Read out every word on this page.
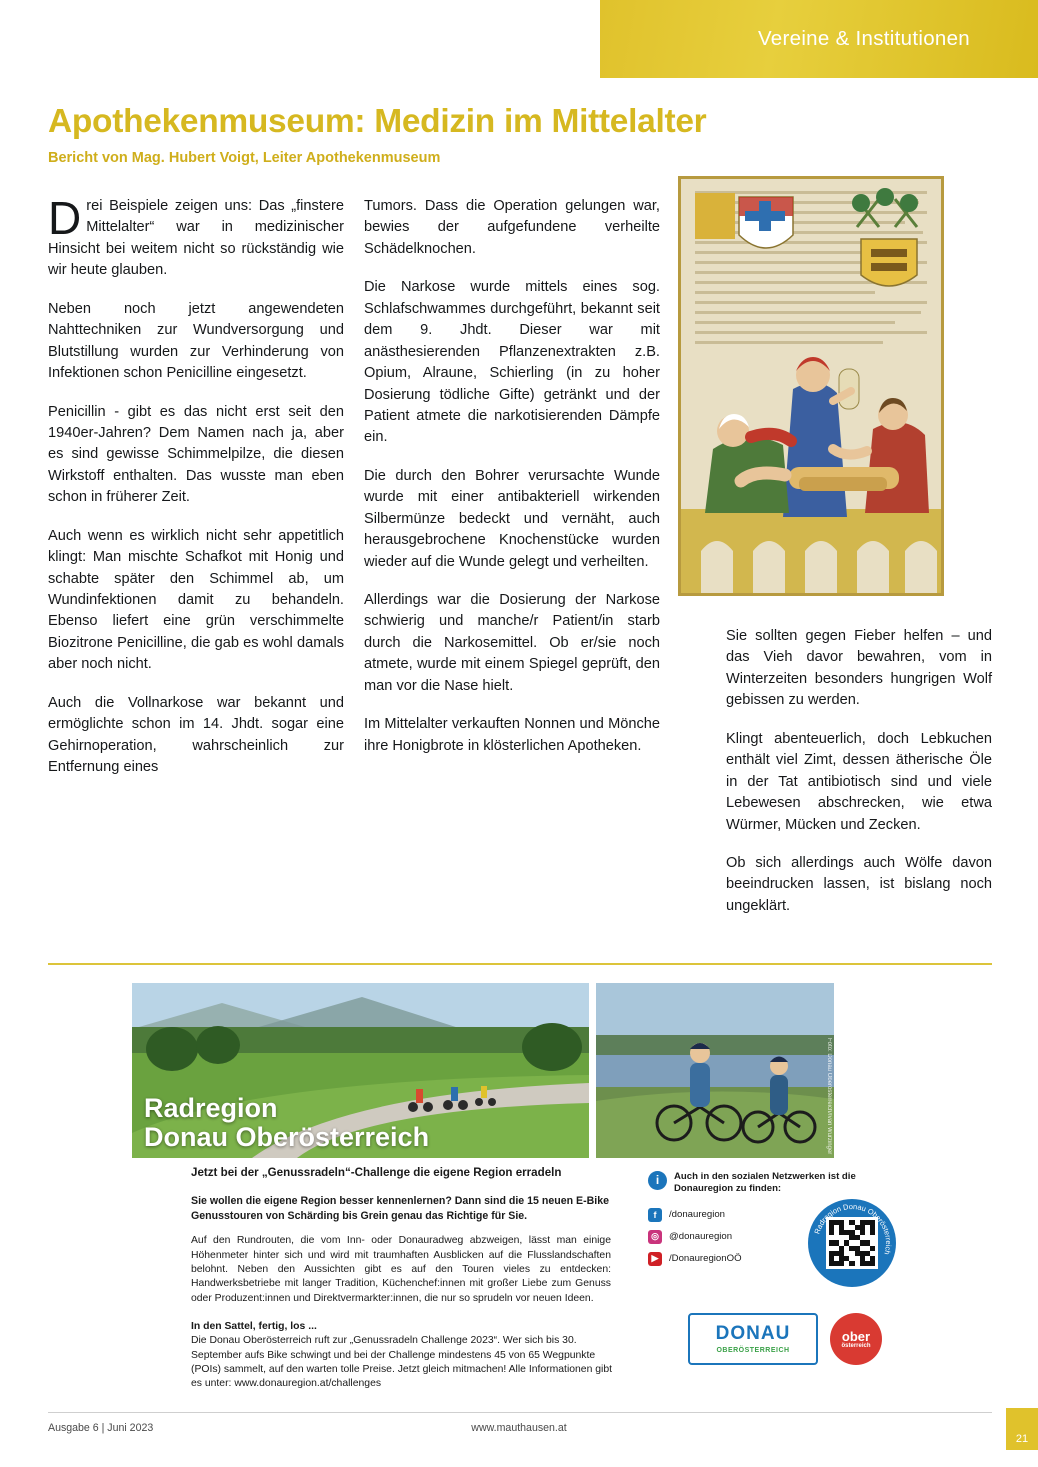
Vereine & Institutionen
Apothekenmuseum: Medizin im Mittelalter
Bericht von Mag. Hubert Voigt, Leiter Apothekenmuseum

Drei Beispiele zeigen uns: Das „finstere Mittelalter“ war in medizinischer Hinsicht bei weitem nicht so rückständig wie wir heute glauben.

Neben noch jetzt angewendeten Nahttechniken zur Wundversorgung und Blutstillung wurden zur Verhinderung von Infektionen schon Penicilline eingesetzt.

Penicillin - gibt es das nicht erst seit den 1940er-Jahren? Dem Namen nach ja, aber es sind gewisse Schimmelpilze, die diesen Wirkstoff enthalten. Das wusste man eben schon in früherer Zeit.

Auch wenn es wirklich nicht sehr appetitlich klingt: Man mischte Schafkot mit Honig und schabte später den Schimmel ab, um Wundinfektionen damit zu behandeln. Ebenso liefert eine grün verschimmelte Biozitrone Penicilline, die gab es wohl damals aber noch nicht.

Auch die Vollnarkose war bekannt und ermöglichte schon im 14. Jhdt. sogar eine Gehirnoperation, wahrscheinlich zur Entfernung eines

Tumors. Dass die Operation gelungen war, bewies der aufgefundene verheilte Schädelknochen.

Die Narkose wurde mittels eines sog. Schlafschwammes durchgeführt, bekannt seit dem 9. Jhdt. Dieser war mit anästhesierenden Pflanzenextrakten z.B. Opium, Alraune, Schierling (in zu hoher Dosierung tödliche Gifte) getränkt und der Patient atmete die narkotisierenden Dämpfe ein.

Die durch den Bohrer verursachte Wunde wurde mit einer antibakteriell wirkenden Silbermünze bedeckt und vernäht, auch herausgebrochene Knochenstücke wurden wieder auf die Wunde gelegt und verheilten.

Allerdings war die Dosierung der Narkose schwierig und manche/r Patient/in starb durch die Narkosemittel. Ob er/sie noch atmete, wurde mit einem Spiegel geprüft, den man vor die Nase hielt.

Im Mittelalter verkauften Nonnen und Mönche ihre Honigbrote in klösterlichen Apotheken.

Sie sollten gegen Fieber helfen – und das Vieh davor bewahren, vom in Winterzeiten besonders hungrigen Wolf gebissen zu werden.

Klingt abenteuerlich, doch Lebkuchen enthält viel Zimt, dessen ätherische Öle in der Tat antibiotisch sind und viele Lebewesen abschrecken, wie etwa Würmer, Mücken und Zecken.

Ob sich allerdings auch Wölfe davon beeindrucken lassen, ist bislang noch ungeklärt.

Radregion
Donau Oberösterreich	Foto: Donau Oberösterreich/Ivan Wurzinger
Jetzt bei der „Genussradeln“-Challenge die eigene Region erradeln
Sie wollen die eigene Region besser kennenlernen? Dann sind die 15 neuen E-Bike Genusstouren von Schärding bis Grein genau das Richtige für Sie.
Auf den Rundrouten, die vom Inn- oder Donauradweg abzweigen, lässt man einige Höhenmeter hinter sich und wird mit traumhaften Ausblicken auf die Flusslandschaften belohnt. Neben den Aussichten gibt es auf den Touren vieles zu entdecken: Handwerksbetriebe mit langer Tradition, Küchenchef:innen mit großer Liebe zum Genuss oder Produzent:innen und Direktvermarkter:innen, die nur so sprudeln vor neuen Ideen.
In den Sattel, fertig, los ...
Die Donau Oberösterreich ruft zur „Genussradeln Challenge 2023“. Wer sich bis 30. September aufs Bike schwingt und bei der Challenge mindestens 45 von 65 Wegpunkte (POIs) sammelt, auf den warten tolle Preise. Jetzt gleich mitmachen! Alle Informationen gibt es unter: www.donauregion.at/challenges
i	Auch in den sozialen Netzwerken ist die Donauregion zu finden:
f	/donauregion
◎	@donauregion
▶	/DonauregionOÖ
Radregion Donau Oberösterreich
DONAU
OBERÖSTERREICH
ober
österreich
Ausgabe 6 | Juni 2023	www.mauthausen.at
21
